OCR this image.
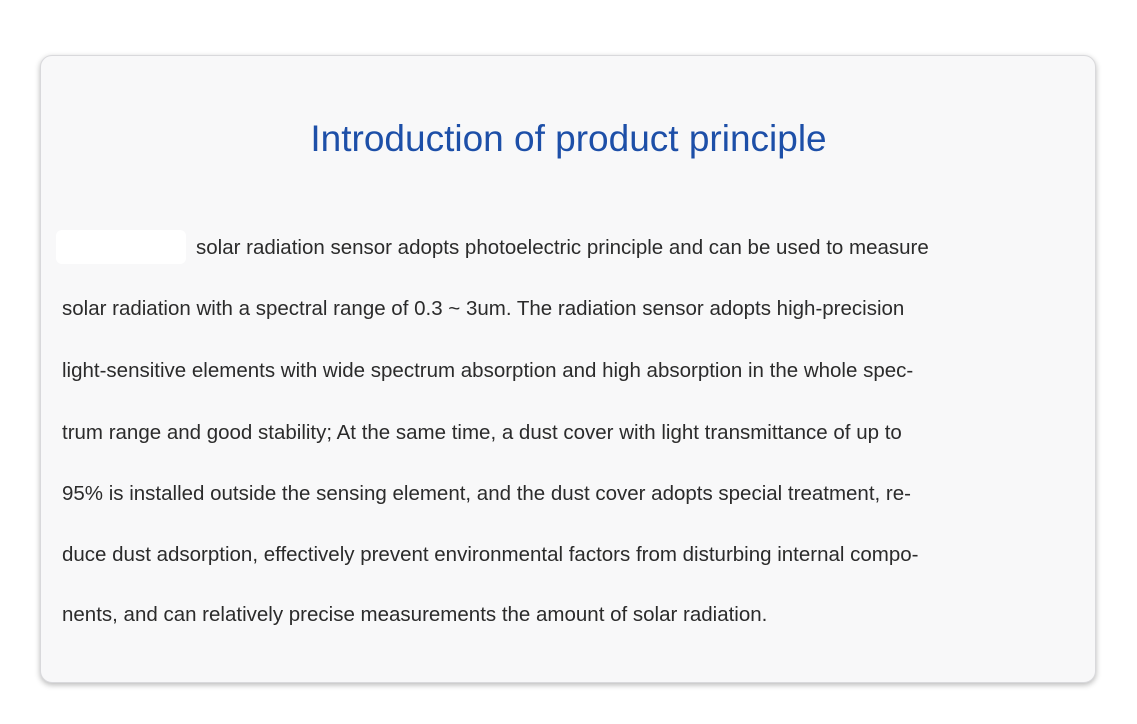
Introduction of product principle

solar radiation sensor adopts photoelectric principle and can be used to measure

solar radiation with a spectral range of 0.3 ~ 3um. The radiation sensor adopts high-precision

light-sensitive elements with wide spectrum absorption and high absorption in the whole spec-

trum range and good stability; At the same time, a dust cover with light transmittance of up to

95% is installed outside the sensing element, and the dust cover adopts special treatment, re-

duce dust adsorption, effectively prevent environmental factors from disturbing internal compo-

nents, and can relatively precise measurements the amount of solar radiation.
